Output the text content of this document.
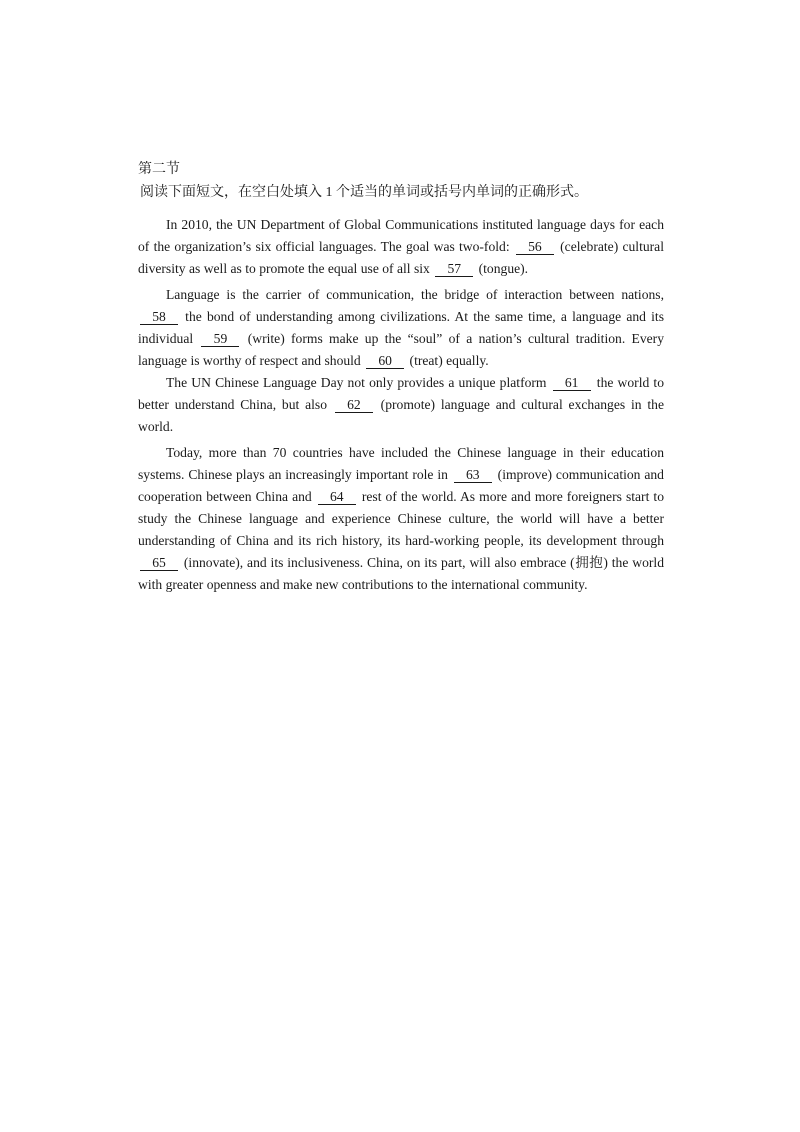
第二节

阅读下面短文，在空白处填入 1 个适当的单词或括号内单词的正确形式。

In 2010, the UN Department of Global Communications instituted language days for each of the organization’s six official languages. The goal was two-fold: 56 (celebrate) cultural diversity as well as to promote the equal use of all six 57 (tongue).

Language is the carrier of communication, the bridge of interaction between nations, 58 the bond of understanding among civilizations. At the same time, a language and its individual 59 (write) forms make up the “soul” of a nation’s cultural tradition. Every language is worthy of respect and should 60 (treat) equally.

The UN Chinese Language Day not only provides a unique platform 61 the world to better understand China, but also 62 (promote) language and cultural exchanges in the world.

Today, more than 70 countries have included the Chinese language in their education systems. Chinese plays an increasingly important role in 63 (improve) communication and cooperation between China and 64 rest of the world. As more and more foreigners start to study the Chinese language and experience Chinese culture, the world will have a better understanding of China and its rich history, its hard-working people, its development through 65 (innovate), and its inclusiveness. China, on its part, will also embrace (拥抱) the world with greater openness and make new contributions to the international community.
